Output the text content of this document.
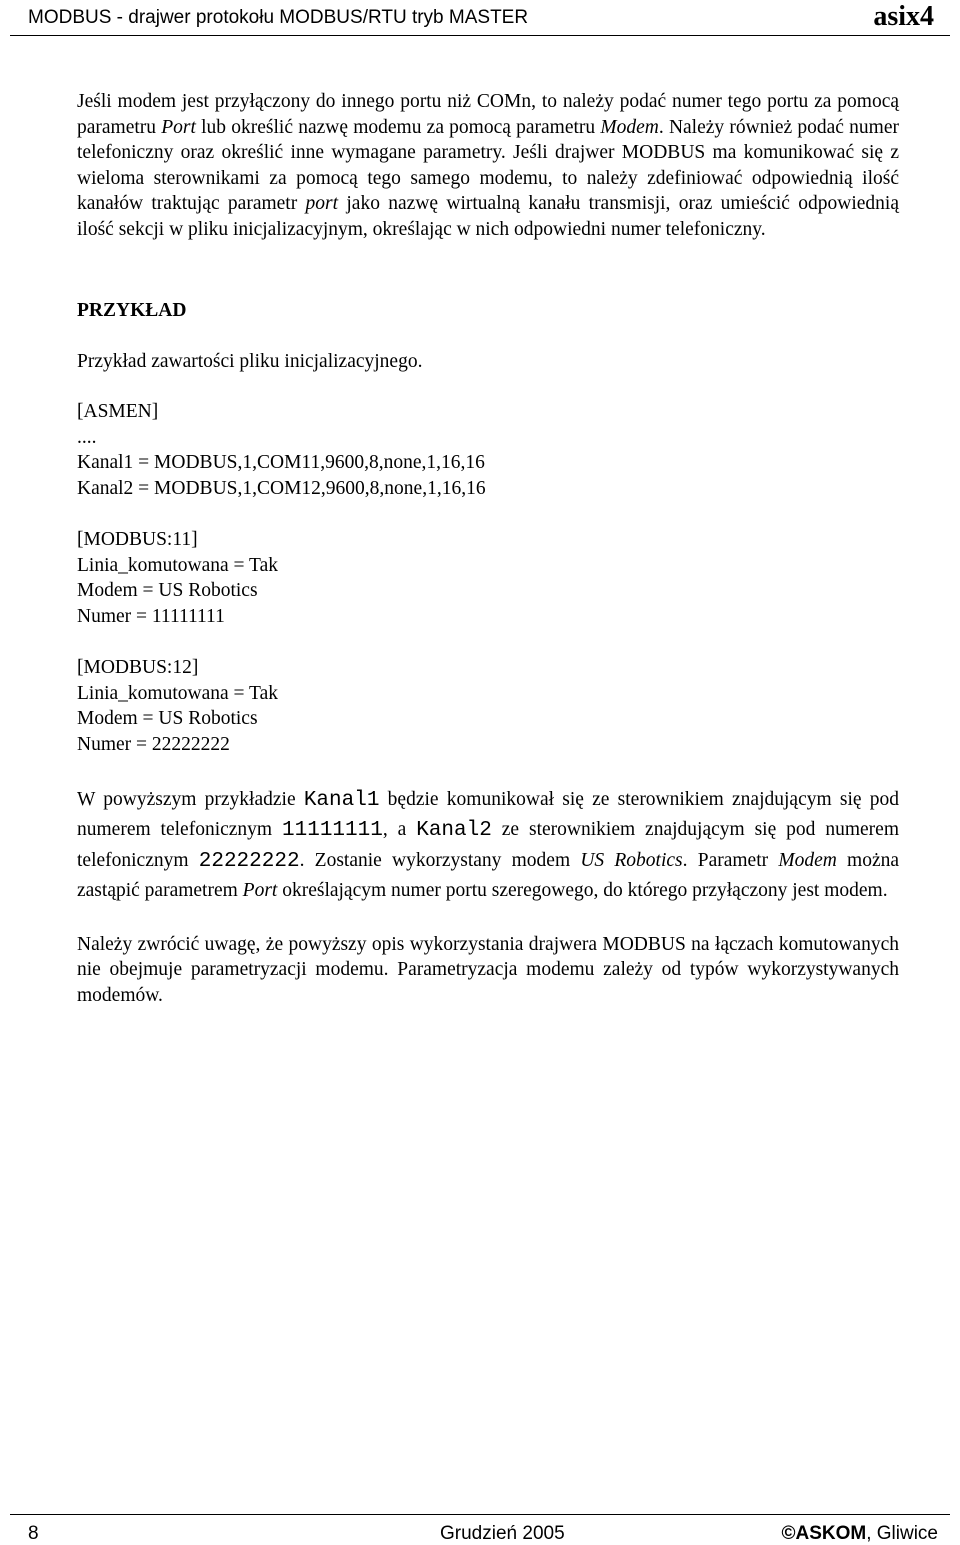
MODBUS - drajwer protokołu MODBUS/RTU tryb MASTER	asix4

Jeśli modem jest przyłączony do innego portu niż COMn, to należy podać numer tego portu za pomocą parametru Port lub określić nazwę modemu za pomocą parametru Modem. Należy również podać numer telefoniczny oraz określić inne wymagane parametry. Jeśli drajwer MODBUS ma komunikować się z wieloma sterownikami za pomocą tego samego modemu, to należy zdefiniować odpowiednią ilość kanałów traktując parametr port jako nazwę wirtualną kanału transmisji, oraz umieścić odpowiednią ilość sekcji w pliku inicjalizacyjnym, określając w nich odpowiedni numer telefoniczny.

PRZYKŁAD

Przykład zawartości pliku inicjalizacyjnego.

[ASMEN]
....
Kanal1 = MODBUS,1,COM11,9600,8,none,1,16,16
Kanal2 = MODBUS,1,COM12,9600,8,none,1,16,16
[MODBUS:11]
Linia_komutowana = Tak
Modem = US Robotics
Numer = 11111111
[MODBUS:12]
Linia_komutowana = Tak
Modem = US Robotics
Numer = 22222222

W powyższym przykładzie Kanal1 będzie komunikował się ze sterownikiem znajdującym się pod numerem telefonicznym 11111111, a Kanal2 ze sterownikiem znajdującym się pod numerem telefonicznym 22222222. Zostanie wykorzystany modem US Robotics. Parametr Modem można zastąpić parametrem Port określającym numer portu szeregowego, do którego przyłączony jest modem.

Należy zwrócić uwagę, że powyższy opis wykorzystania drajwera MODBUS na łączach komutowanych nie obejmuje parametryzacji modemu. Parametryzacja modemu zależy od typów wykorzystywanych modemów.

8	Grudzień 2005	©ASKOM, Gliwice
